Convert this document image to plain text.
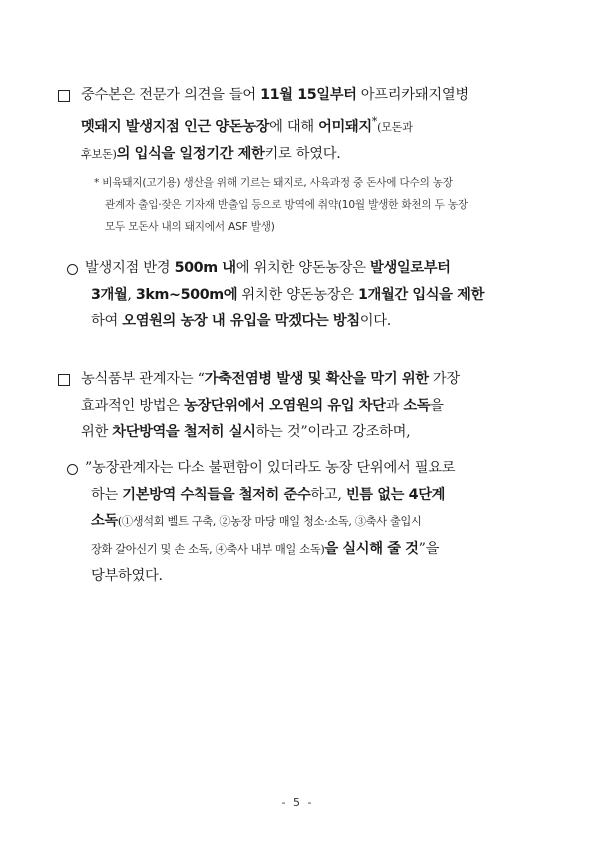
중수본은 전문가 의견을 들어 11월 15일부터 아프리카돼지열병
멧돼지 발생지점 인근 양돈농장에 대해 어미돼지*(모돈과
후보돈)의 입식을 일정기간 제한키로 하였다.
* 비육돼지(고기용) 생산을 위해 기르는 돼지로, 사육과정 중 돈사에 다수의 농장
관계자 출입·잦은 기자재 반출입 등으로 방역에 취약(10월 발생한 화천의 두 농장
모두 모돈사 내의 돼지에서 ASF 발생)
발생지점 반경 500m 내에 위치한 양돈농장은 발생일로부터
3개월, 3km~500m에 위치한 양돈농장은 1개월간 입식을 제한
하여 오염원의 농장 내 유입을 막겠다는 방침이다.
농식품부 관계자는 “가축전염병 발생 및 확산을 막기 위한 가장
효과적인 방법은 농장단위에서 오염원의 유입 차단과 소독을
위한 차단방역을 철저히 실시하는 것”이라고 강조하며,
”농장관계자는 다소 불편함이 있더라도 농장 단위에서 필요로
하는 기본방역 수칙들을 철저히 준수하고, 빈틈 없는 4단계
소독(①생석회 벨트 구축, ②농장 마당 매일 청소·소독, ③축사 출입시
장화 갈아신기 및 손 소독, ④축사 내부 매일 소독)을 실시해 줄 것”을
당부하였다.
- 5 -
